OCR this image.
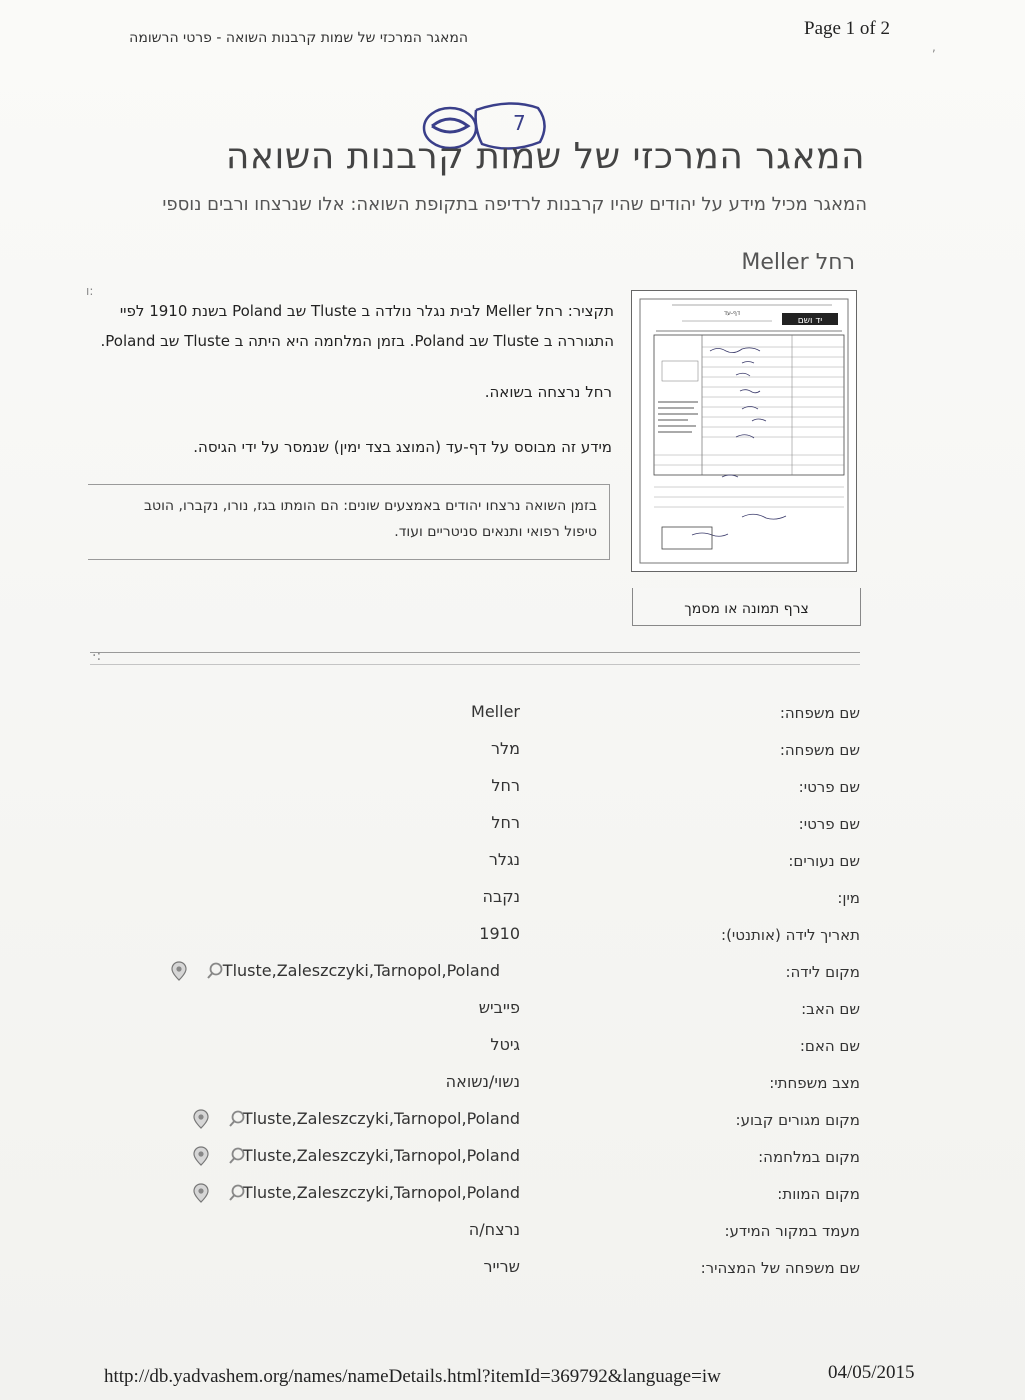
המאגר המרכזי של שמות קרבנות השואה - פרטי הרשומה	Page 1 of 2
7
המאגר המרכזי של שמות קרבנות השואה
המאגר מכיל מידע על יהודים שהיו קרבנות לרדיפה בתקופת השואה: אלו שנרצחו ורבים נוספי
רחל Meller

תקציר: רחל Meller לבית נגלר נולדה ב Tluste שב Poland בשנת 1910 לפיי

התגוררה ב Tluste שב Poland. בזמן המלחמה היא היתה ב Tluste שב Poland.

רחל נרצחה בשואה.
מידע זה מבוסס על דף-עד (המוצג בצד ימין) שנמסר על ידי הגיסה.

בזמן השואה נרצחו יהודים באמצעים שונים: הם הומתו בגז, נורו, נקברו, הוטב

טיפול רפואי ותנאים סניטריים ועוד.

יד ושם
דף-עד
צרף תמונה או מסמך
שם משפחה:
Meller
שם משפחה:
מלר
שם פרטי:
רחל
שם פרטי:
רחל
שם נעורים:
נגלר
מין:
נקבה
תאריך לידה (אותנטי):
1910
מקום לידה:
Tluste,Zaleszczyki,Tarnopol,Poland
שם האב:
פייביש
שם האם:
גיטל
מצב משפחתי:
נשוי/נשואה
מקום מגורים קבוע:
Tluste,Zaleszczyki,Tarnopol,Poland
מקום במלחמה:
Tluste,Zaleszczyki,Tarnopol,Poland
מקום המוות:
Tluste,Zaleszczyki,Tarnopol,Poland
מעמד במקור המידע:
נרצח/ה
שם משפחה של המצהיר:
שרייר
http://db.yadvashem.org/names/nameDetails.html?itemId=369792&language=iw	04/05/2015
ı:
·:
,
